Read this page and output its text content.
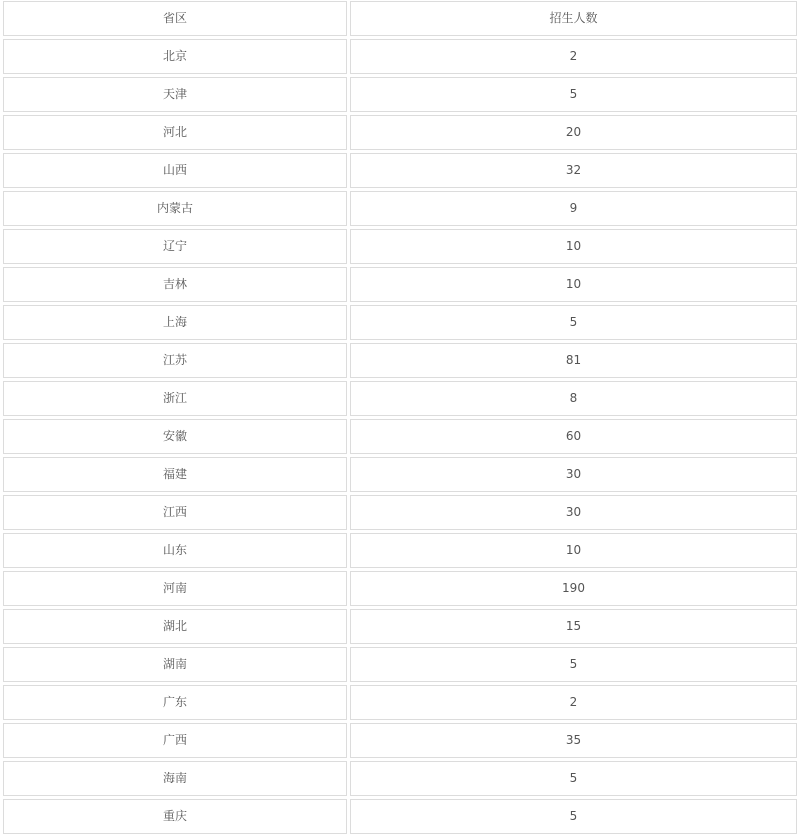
省区	招生人数
北京	2
天津	5
河北	20
山西	32
内蒙古	9
辽宁	10
吉林	10
上海	5
江苏	81
浙江	8
安徽	60
福建	30
江西	30
山东	10
河南	190
湖北	15
湖南	5
广东	2
广西	35
海南	5
重庆	5
